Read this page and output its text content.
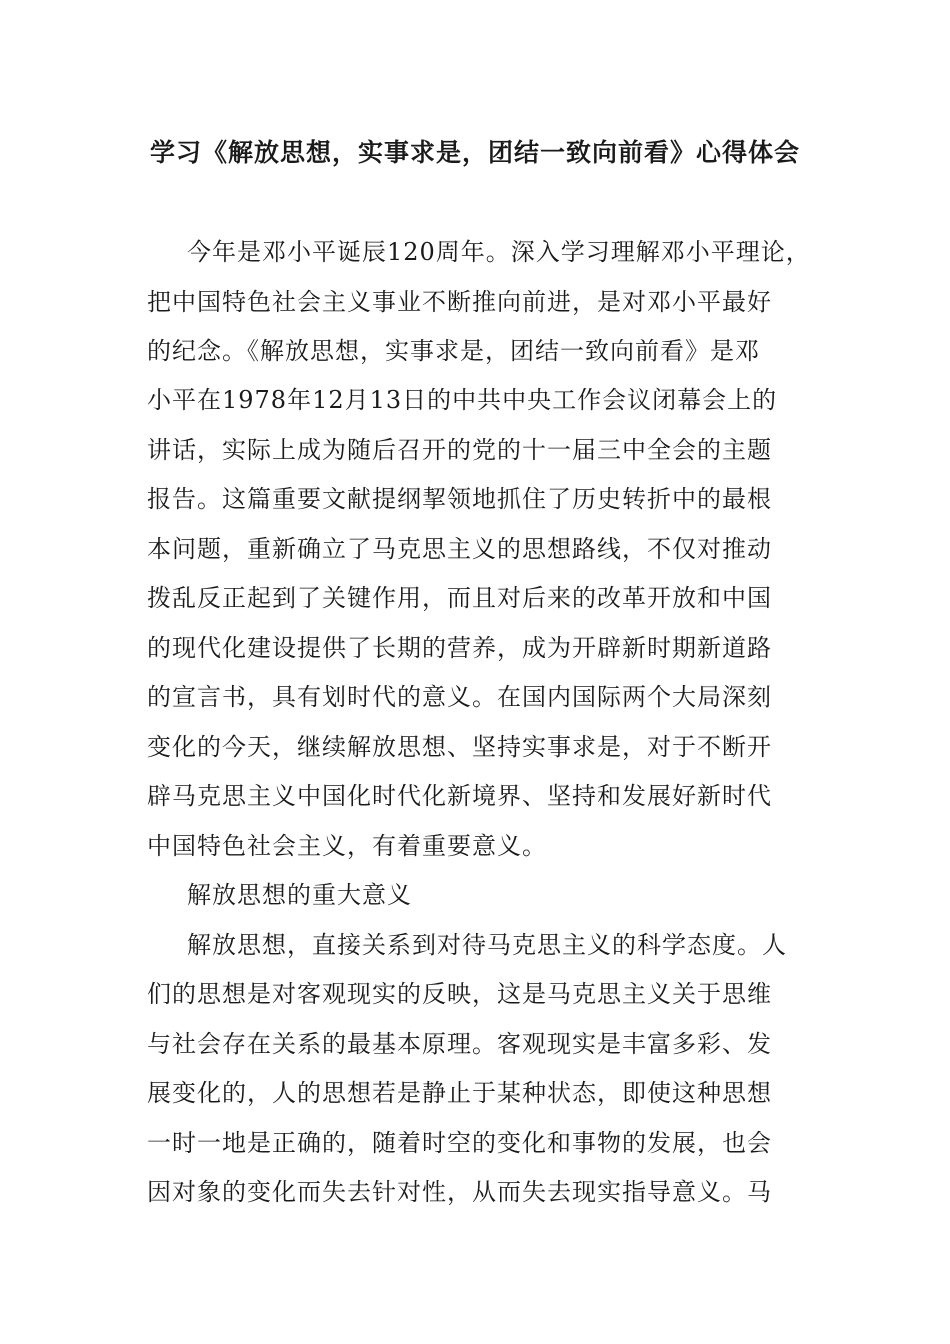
学习《解放思想，实事求是，团结一致向前看》心得体会
今年是邓小平诞辰120周年。深入学习理解邓小平理论，
把中国特色社会主义事业不断推向前进，是对邓小平最好
的纪念。《解放思想，实事求是，团结一致向前看》是邓
小平在1978年12月13日的中共中央工作会议闭幕会上的
讲话，实际上成为随后召开的党的十一届三中全会的主题
报告。这篇重要文献提纲挈领地抓住了历史转折中的最根
本问题，重新确立了马克思主义的思想路线，不仅对推动
拨乱反正起到了关键作用，而且对后来的改革开放和中国
的现代化建设提供了长期的营养，成为开辟新时期新道路
的宣言书，具有划时代的意义。在国内国际两个大局深刻
变化的今天，继续解放思想、坚持实事求是，对于不断开
辟马克思主义中国化时代化新境界、坚持和发展好新时代
中国特色社会主义，有着重要意义。
解放思想的重大意义
解放思想，直接关系到对待马克思主义的科学态度。人
们的思想是对客观现实的反映，这是马克思主义关于思维
与社会存在关系的最基本原理。客观现实是丰富多彩、发
展变化的，人的思想若是静止于某种状态，即使这种思想
一时一地是正确的，随着时空的变化和事物的发展，也会
因对象的变化而失去针对性，从而失去现实指导意义。马
